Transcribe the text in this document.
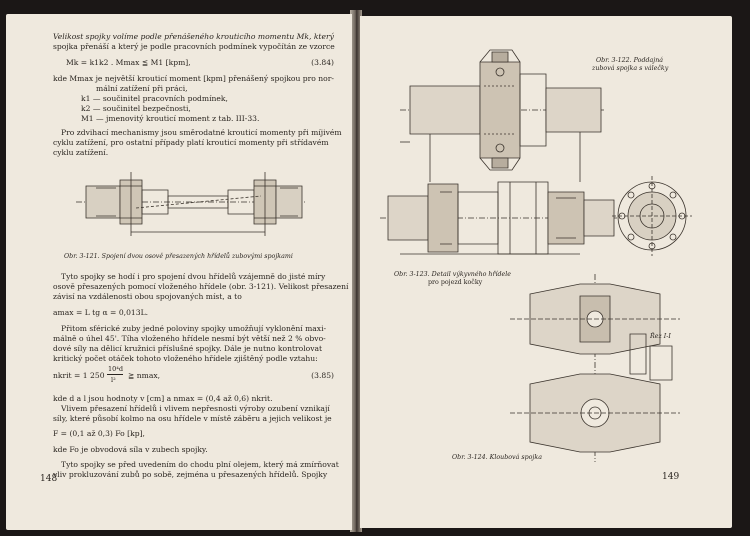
Velikost spojky volíme podle přenášeného krouticího momentu Mk, který
spojka přenáší a který je podle pracovních podmínek vypočítán ze vzorce
Mk = k1k2 . Mmax ≦ M1 [kpm],	(3.84)
kde Mmax je největší krouticí moment [kpm] přenášený spojkou pro nor-
mální zatížení při práci,
k1 — součinitel pracovních podmínek,
k2 — součinitel bezpečnosti,
M1 — jmenovitý krouticí moment z tab. III-33.
Pro zdvihací mechanismy jsou směrodatné krouticí momenty při míjivém
cyklu zatížení, pro ostatní případy platí krouticí momenty při střídavém
cyklu zatížení.
Obr. 3-121. Spojení dvou osově přesazených hřídelů zubovými spojkami
Tyto spojky se hodí i pro spojení dvou hřídelů vzájemně do jisté míry
osově přesazených pomocí vloženého hřídele (obr. 3-121). Velikost přesazení
závisí na vzdálenosti obou spojovaných míst, a to
amax = L tg α = 0,013L.
Přitom sférické zuby jedné poloviny spojky umožňují vyklonění maxi-
málně o úhel 45'. Tíha vloženého hřídele nesmí být větší než 2 % obvo-
dové síly na dělicí kružnici příslušné spojky. Dále je nutno kontrolovat
kritický počet otáček tohoto vloženého hřídele zjištěný podle vztahu:
nkrit = 1 250
10⁴d
l² ≧ nmax,	(3.85)
kde d a l jsou hodnoty v [cm] a nmax = (0,4 až 0,6) nkrit.
Vlivem přesazení hřídelů i vlivem nepřesnosti výroby ozubení vznikají
síly, které působí kolmo na osu hřídele v místě záběru a jejich velikost je
F = (0,1 až 0,3) Fo [kp],
kde Fo je obvodová síla v zubech spojky.
Tyto spojky se před uvedením do chodu plní olejem, který má zmírňovat
vliv prokluzování zubů po sobě, zejména u přesazených hřídelů. Spojky
148
Obr. 3-122. Poddajná
zubová spojka s válečky
Obr. 3-123. Detail výkyvného hřídele
pro pojezd kočky
Řez I-I
Obr. 3-124. Kloubová spojka
149
